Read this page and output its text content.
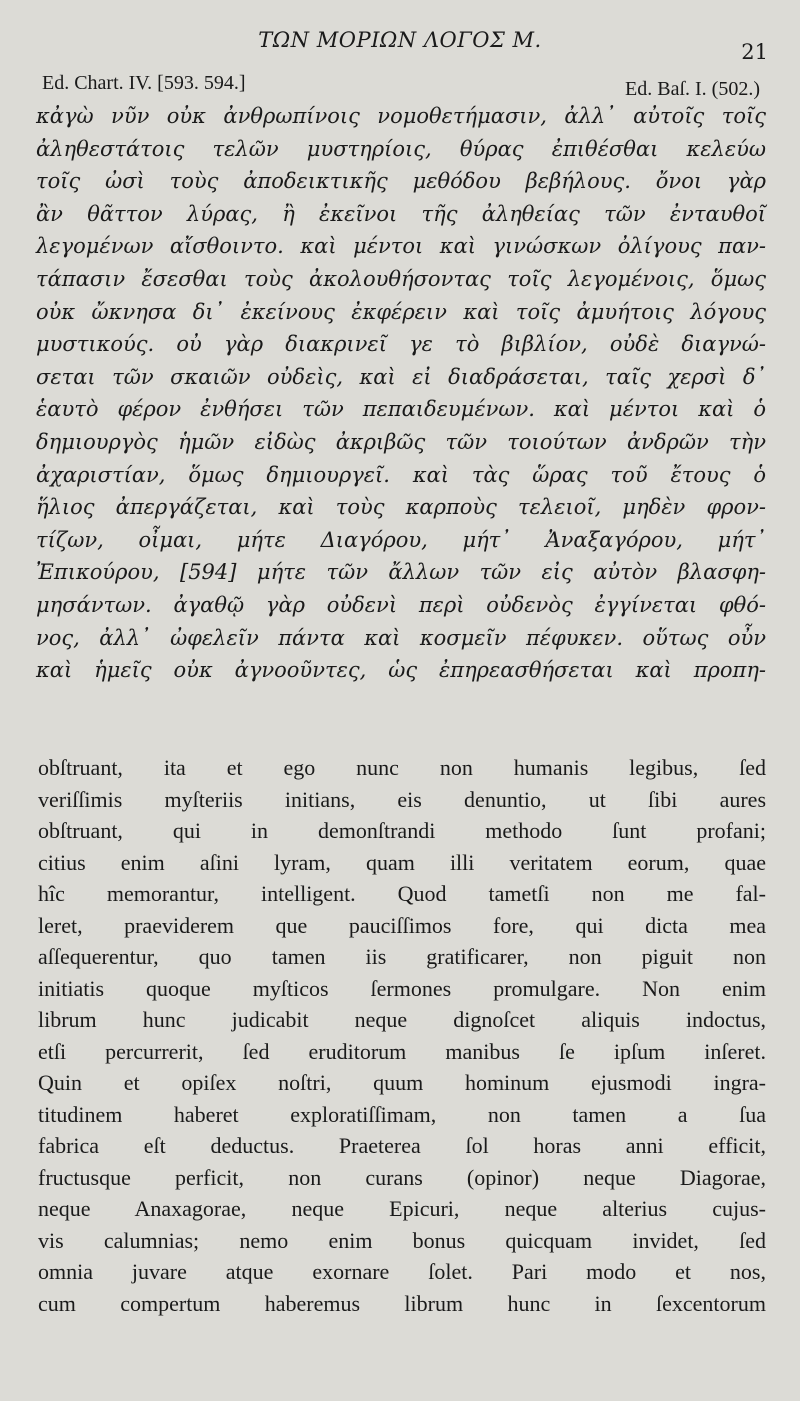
ΤΩΝ ΜΟΡΙΩΝ ΛΟΓΟΣ Μ.	21
Ed. Chart. IV. [593. 594.]	Ed. Baſ. I. (502.)
κἀγὼ νῦν οὐκ ἀνθρωπίνοις νομοθετήμασιν, ἀλλ᾽ αὐτοῖς τοῖς
ἀληθεστάτοις τελῶν μυστηρίοις, θύρας ἐπιθέσθαι κελεύω
τοῖς ὠσὶ τοὺς ἀποδεικτικῆς μεθόδου βεβήλους. ὄνοι γὰρ
ἂν θᾶττον λύρας, ἢ ἐκεῖνοι τῆς ἀληθείας τῶν ἐνταυθοῖ
λεγομένων αἴσθοιντο. καὶ μέντοι καὶ γινώσκων ὀλίγους παν-
τάπασιν ἔσεσθαι τοὺς ἀκολουθήσοντας τοῖς λεγομένοις, ὅμως
οὐκ ὤκνησα δι᾽ ἐκείνους ἐκφέρειν καὶ τοῖς ἀμυήτοις λόγους
μυστικούς. οὐ γὰρ διακρινεῖ γε τὸ βιβλίον, οὐδὲ διαγνώ-
σεται τῶν σκαιῶν οὐδεὶς, καὶ εἰ διαδράσεται, ταῖς χερσὶ δ᾽
ἑαυτὸ φέρον ἐνθήσει τῶν πεπαιδευμένων. καὶ μέντοι καὶ ὁ
δημιουργὸς ἡμῶν εἰδὼς ἀκριβῶς τῶν τοιούτων ἀνδρῶν τὴν
ἀχαριστίαν, ὅμως δημιουργεῖ. καὶ τὰς ὥρας τοῦ ἔτους ὁ
ἥλιος ἀπεργάζεται, καὶ τοὺς καρποὺς τελειοῖ, μηδὲν φρον-
τίζων, οἶμαι, μήτε Διαγόρου, μήτ᾽ Ἀναξαγόρου, μήτ᾽
Ἐπικούρου, [594] μήτε τῶν ἄλλων τῶν εἰς αὐτὸν βλασφη-
μησάντων. ἀγαθῷ γὰρ οὐδενὶ περὶ οὐδενὸς ἐγγίνεται φθό-
νος, ἀλλ᾽ ὠφελεῖν πάντα καὶ κοσμεῖν πέφυκεν. οὕτως οὖν
καὶ ἡμεῖς οὐκ ἀγνοοῦντες, ὡς ἐπηρεασθήσεται καὶ προπη-
obſtruant, ita et ego nunc non humanis legibus, ſed
veriſſimis myſteriis initians, eis denuntio, ut ſibi aures
obſtruant, qui in demonſtrandi methodo ſunt profani;
citius enim aſini lyram, quam illi veritatem eorum, quae
hîc memorantur, intelligent. Quod tametſi non me fal-
leret, praeviderem que pauciſſimos fore, qui dicta mea
aſſequerentur, quo tamen iis gratificarer, non piguit non
initiatis quoque myſticos ſermones promulgare. Non enim
librum hunc judicabit neque dignoſcet aliquis indoctus,
etſi percurrerit, ſed eruditorum manibus ſe ipſum inſeret.
Quin et opiſex noſtri, quum hominum ejusmodi ingra-
titudinem haberet exploratiſſimam, non tamen a ſua
fabrica eſt deductus. Praeterea ſol horas anni efficit,
fructusque perficit, non curans (opinor) neque Diagorae,
neque Anaxagorae, neque Epicuri, neque alterius cujus-
vis calumnias; nemo enim bonus quicquam invidet, ſed
omnia juvare atque exornare ſolet. Pari modo et nos,
cum compertum haberemus librum hunc in ſexcentorum
